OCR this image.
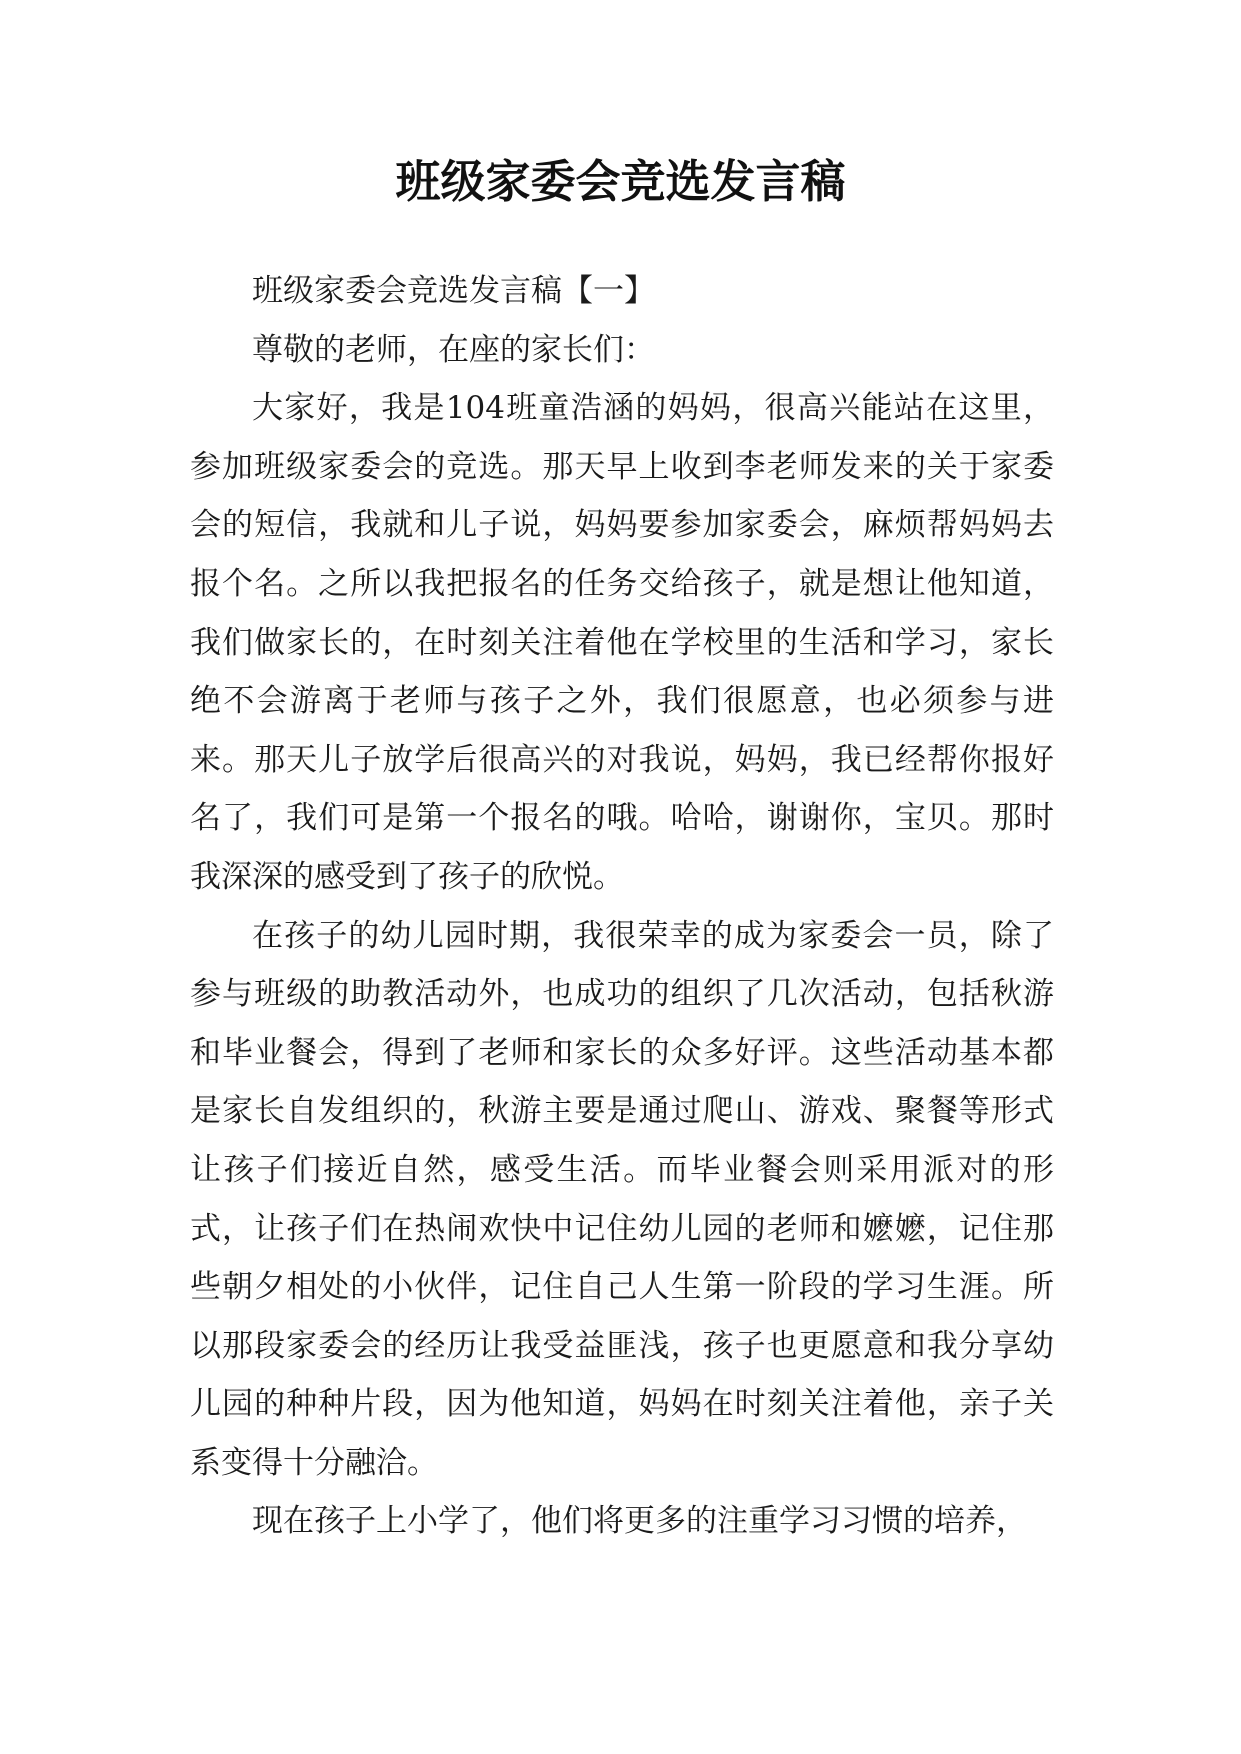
班级家委会竞选发言稿

班级家委会竞选发言稿【一】

尊敬的老师，在座的家长们：

大家好，我是104班童浩涵的妈妈，很高兴能站在这里，参加班级家委会的竞选。那天早上收到李老师发来的关于家委会的短信，我就和儿子说，妈妈要参加家委会，麻烦帮妈妈去报个名。之所以我把报名的任务交给孩子，就是想让他知道，我们做家长的，在时刻关注着他在学校里的生活和学习，家长绝不会游离于老师与孩子之外，我们很愿意，也必须参与进来。那天儿子放学后很高兴的对我说，妈妈，我已经帮你报好名了，我们可是第一个报名的哦。哈哈，谢谢你，宝贝。那时我深深的感受到了孩子的欣悦。

在孩子的幼儿园时期，我很荣幸的成为家委会一员，除了参与班级的助教活动外，也成功的组织了几次活动，包括秋游和毕业餐会，得到了老师和家长的众多好评。这些活动基本都是家长自发组织的，秋游主要是通过爬山、游戏、聚餐等形式让孩子们接近自然，感受生活。而毕业餐会则采用派对的形式，让孩子们在热闹欢快中记住幼儿园的老师和嬷嬷，记住那些朝夕相处的小伙伴，记住自己人生第一阶段的学习生涯。所以那段家委会的经历让我受益匪浅，孩子也更愿意和我分享幼儿园的种种片段，因为他知道，妈妈在时刻关注着他，亲子关系变得十分融洽。

现在孩子上小学了，他们将更多的注重学习习惯的培养，
